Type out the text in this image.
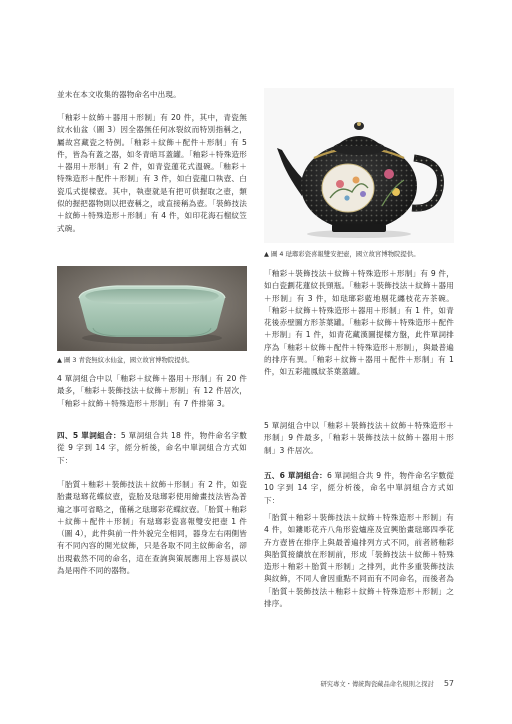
並未在本文收集的器物命名中出現。

「釉彩＋紋飾＋器用＋形制」有 20 件，其中，青瓷無紋水仙盆（圖 3）因全器無任何冰裂紋而特別指稱之，屬故宮藏瓷之特例。「釉彩＋紋飾＋配件＋形制」有 5 件，皆為有蓋之器，如冬青暗耳蓋罐。「釉彩＋特殊造形＋器用＋形制」有 2 件，如青瓷蓮花式溫碗。「釉彩＋特殊造形＋配件＋形制」有 3 件，如白瓷龍口執壺、白瓷瓜式提樑壺。其中，執壺就是有把可供握取之壺，類似的握把器物則以把壺稱之，或直接稱為壺。「裝飾技法＋紋飾＋特殊造形＋形制」有 4 件，如印花海石榴紋笠式碗。

▲ 圖 3 青瓷無紋水仙盆，國立故宮博物院提供。

4 單詞組合中以「釉彩＋紋飾＋器用＋形制」有 20 件最多，「釉彩＋裝飾技法＋紋飾＋形制」有 12 件居次，「釉彩＋紋飾＋特殊造形＋形制」有 7 件排第 3。

四、5 單詞組合：5 單詞組合共 18 件，物件命名字數從 9 字到 14 字，經分析後，命名中單詞組合方式如下：

「胎質＋釉彩＋裝飾技法＋紋飾＋形制」有 2 件，如瓷胎畫琺瑯花蝶紋壺，瓷胎及琺瑯彩使用繪畫技法皆為普遍之事可省略之，僅稱之琺瑯彩花蝶紋壺。「胎質＋釉彩＋紋飾＋配件＋形制」有琺瑯彩瓷喜報雙安把壺 1 件（圖 4），此件與前一件外貌完全相同，器身左右兩側皆有不同內容的開光紋飾，只是各取不同主紋飾命名，卻出現截然不同的命名，這在查詢與策展應用上容易誤以為是兩件不同的器物。

▲ 圖 4 琺瑯彩瓷喜報雙安把壺，國立故宮博物院提供。

「釉彩＋裝飾技法＋紋飾＋特殊造形＋形制」有 9 件，如白瓷劃花蓮紋長頸瓶。「釉彩＋裝飾技法＋紋飾＋器用＋形制」有 3 件，如琺瑯彩藍地剔花纏枝花卉茶碗。「釉彩＋紋飾＋特殊造形＋器用＋形制」有 1 件，如青花後赤壁圖方形茶葉罐。「釉彩＋紋飾＋特殊造形＋配件＋形制」有 1 件，如青花藏漢圖提樑方盤，此件單詞排序為「釉彩＋紋飾＋配件＋特殊造形＋形制」，與最普遍的排序有異。「釉彩＋紋飾＋器用＋配件＋形制」有 1 件，如五彩龍鳳紋茶葉蓋罐。

5 單詞組合中以「釉彩＋裝飾技法＋紋飾＋特殊造形＋形制」9 件最多，「釉彩＋裝飾技法＋紋飾＋器用＋形制」3 件居次。

五、6 單詞組合：6 單詞組合共 9 件，物件命名字數從 10 字到 14 字，經分析後，命名中單詞組合方式如下：

「胎質＋釉彩＋裝飾技法＋紋飾＋特殊造形＋形制」有 4 件，如鏤彫花卉八角形瓷爐座及宜興胎畫琺瑯四季花卉方壺皆在排序上與最普遍排列方式不同，前者將釉彩與胎質接續放在形制前，形成「裝飾技法＋紋飾＋特殊造形＋釉彩＋胎質＋形制」之排列，此件多重裝飾技法與紋飾，不同人會因重點不同而有不同命名，而後者為「胎質＋裝飾技法＋釉彩＋紋飾＋特殊造形＋形制」之排序。

研究專文・傳統陶瓷藏品命名規則之探討 57
